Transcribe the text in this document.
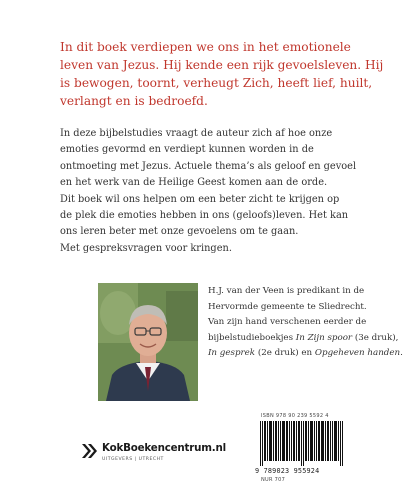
In dit boek verdiepen we ons in het emotionele
leven van Jezus. Hij kende een rijk gevoelsleven. Hij
is bewogen, toornt, verheugt Zich, heeft lief, huilt,
verlangt en is bedroefd.
In deze bijbelstudies vraagt de auteur zich af hoe onze
emoties gevormd en verdiept kunnen worden in de
ontmoeting met Jezus. Actuele thema’s als geloof en gevoel
en het werk van de Heilige Geest komen aan de orde.
Dit boek wil ons helpen om een beter zicht te krijgen op
de plek die emoties hebben in ons (geloofs)leven. Het kan
ons leren beter met onze gevoelens om te gaan.
Met gespreksvragen voor kringen.
H.J. van der Veen is predikant in de
Hervormde gemeente te Sliedrecht.
Van zijn hand verschenen eerder de
bijbelstudieboekjes In Zijn spoor (3e druk),
In gesprek (2e druk) en Opgeheven handen.
KokBoekencentrum.nl
UITGEVERS | UTRECHT
ISBN 978 90 239 5592 4
9 789023 955924
NUR 707
